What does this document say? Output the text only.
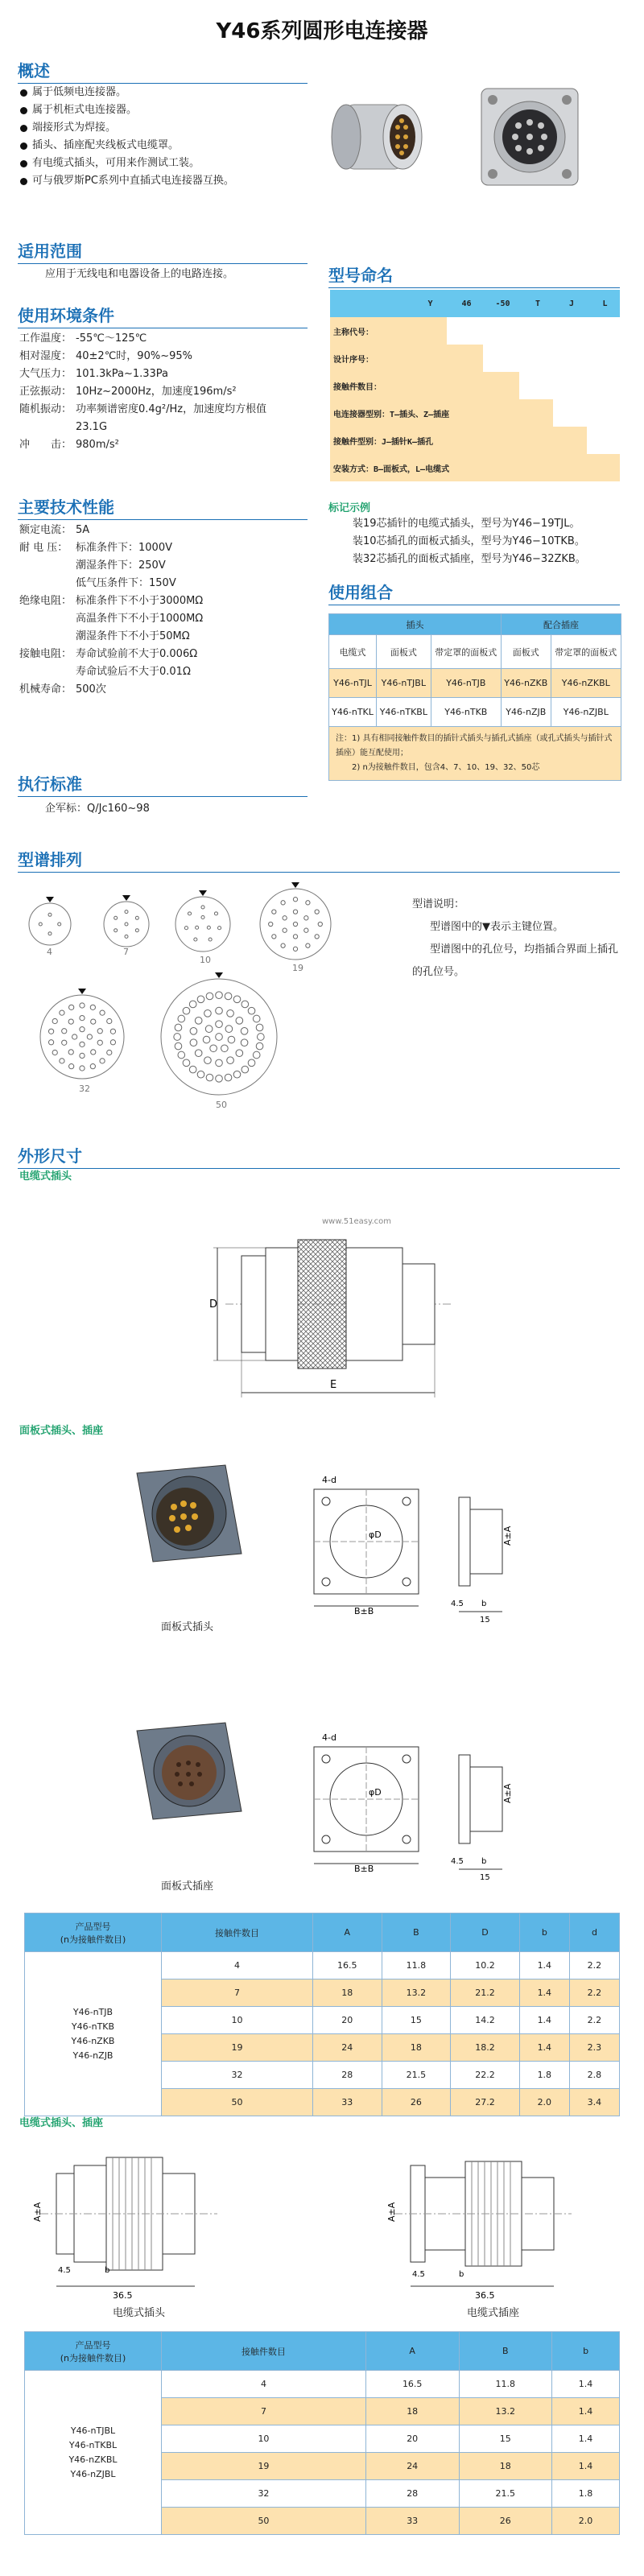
Y46系列圆形电连接器
概述
属于低频电连接器。
属于机柜式电连接器。
端接形式为焊接。
插头、插座配夹线板式电缆罩。
有电缆式插头，可用来作测试工装。
可与俄罗斯PC系列中直插式电连接器互换。
适用范围
应用于无线电和电器设备上的电路连接。
使用环境条件
工作温度： -55℃～125℃
相对湿度： 40±2℃时，90%~95%
大气压力： 101.3kPa~1.33Pa
正弦振动： 10Hz~2000Hz，加速度196m/s²
随机振动： 功率频谱密度0.4g²/Hz，加速度均方根值
23.1G
冲　　击： 980m/s²
主要技术性能
额定电流： 5A
耐 电 压： 标准条件下：1000V
潮湿条件下：250V
低气压条件下：150V
绝缘电阻： 标准条件下不小于3000MΩ
高温条件下不小于1000MΩ
潮湿条件下不小于50MΩ
接触电阻： 寿命试验前不大于0.006Ω
寿命试验后不大于0.01Ω
机械寿命： 500次
执行标准
企军标：Q/Jc160~98
型号命名
	Y	46	-50	T	J	L
主称代号：						
设计序号：						
接触件数目：						
电连接器型别：T—插头、Z—插座						
接触件型别：J—插针K—插孔						
安装方式：B—面板式，L—电缆式						
标记示例
装19芯插针的电缆式插头，型号为Y46−19TJL。
装10芯插孔的面板式插头，型号为Y46−10TKB。
装32芯插孔的面板式插座，型号为Y46−32ZKB。
使用组合
插头			配合插座	
电缆式	面板式	带定罩的面板式	面板式	带定罩的面板式
Y46-nTJL	Y46-nTJBL	Y46-nTJB	Y46-nZKB	Y46-nZKBL
Y46-nTKL	Y46-nTKBL	Y46-nTKB	Y46-nZJB	Y46-nZJBL
注：1) 具有相同接触件数目的插针式插头与插孔式插座（或孔式插头与插针式插座）能互配使用；
2) n为接触件数目，包含4、7、10、19、32、50芯
型谱排列
4	7
10
19
32
50
型谱说明：
型谱图中的▼表示主键位置。
型谱图中的孔位号，均指插合界面上插孔的孔位号。
外形尺寸
电缆式插头
www.51easy.com
D
E
面板式插头、插座
面板式插头
4-d
φD
B±B
A±A
4.5 b
15
面板式插座
4-d
φD
B±B
A±A
4.5 b
15
产品型号
(n为接触件数目)	接触件数目	A	B	D	b	d

Y46-nTJB
Y46-nTKB
Y46-nZKB
Y46-nZJB	4	16.5	11.8	10.2	1.4	2.2
	7	18	13.2	21.2	1.4	2.2
	10	20	15	14.2	1.4	2.2
	19	24	18	18.2	1.4	2.3
	32	28	21.5	22.2	1.8	2.8
	50	33	26	27.2	2.0	3.4
电缆式插头、插座
A±A
4.5	b
36.5
电缆式插头
A±A
4.5	b
36.5
电缆式插座
产品型号
(n为接触件数目)	接触件数目	A	B	b

Y46-nTJBL
Y46-nTKBL
Y46-nZKBL
Y46-nZJBL	4	16.5	11.8	1.4
	7	18	13.2	1.4
	10	20	15	1.4
	19	24	18	1.4
	32	28	21.5	1.8
	50	33	26	2.0
